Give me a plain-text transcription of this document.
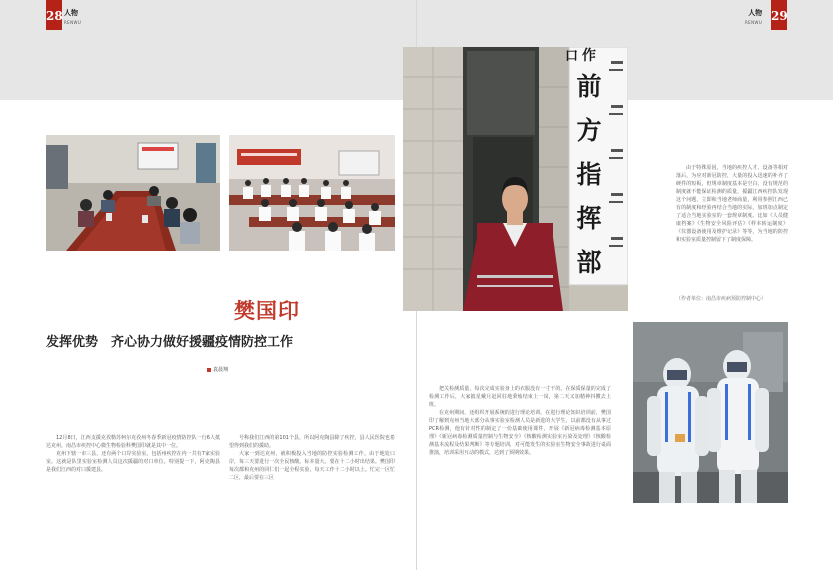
28 人物
RENWU	29
人物
RENWU
作
前
方
指
挥
部
口
樊国印
发挥优势　齐心协力做好援疆疫情防控工作
袁晨翔

12月8日，江西支援克孜勒苏柯尔克孜州冬春季新冠疫情防控队一行6人抵达克州。南昌市疾控中心微生物检验科樊国印就是其中一位。

克州下辖一市三县，还有两个口岸实验室。包括州疾控在内一共有7家实验室。这就是队里实验室检测人员这次援疆的对口单位。特别提一下，阿克陶县是我们江西的对口援建县。

号称我们江西的第101个县，所以阿克陶县除了疾控，县人民医院也希望得到我们的援助。

大家一到达克州，就积极投入当地的防控实验检测工作。由于地处口岸，每三天要进行一次全民核酸。标本量大，要在十二小时出结果。樊国印每次都和克州的同仁们一起全程实验，每天工作十二小时以上。忙完一区忙二区，最后要在三区

把关检测质量，每次完成实验身上的衣服没有一寸干的。在保质保量的完成了检测工作后，大家披星戴月赶回驻地秉烛结束上一岗，第二天又加精神抖擞去上班。

在克州期间，还组织开展系统的进行理论培训。在进行理论知识培训前，樊国印了解到克州当地大部分从事实验室检测人员是新进的大学生，以前都没有从事过PCR检测，他有针对性的制定了一份基础使用课件，开展《新冠病毒检测基本原理》《新冠病毒检测质量控制与生物安全》《核酸检测实验室污染及处理》《核酸检测基本流程及结果判断》等专题培训，对可能发生的实验室生物安全事故进行桌面推演，培训采用互动的模式，达到了预期效果。

由于特殊原因，当地的疾控人才、设备等相对落后，为应对新冠防控，大量的投入迅速的补齐了硬件的短板，但规章制度基本是空白，没有规范的制度就不能保证检测的质量，援疆江西疾控队发现这个问题，立即和当地老师商量，利用参照江西已有的制度和经验再结合当地的实际，加班加点制定了适合当地实验室的一套规章制度。比如《人员健康档案》《生物安全风险评估》《样本转运制度》《仪器设备使用及维护记录》等等，为当地的防控和实验室质量控制留下了制度保障。

（作者单位：南昌市疾病预防控制中心）
